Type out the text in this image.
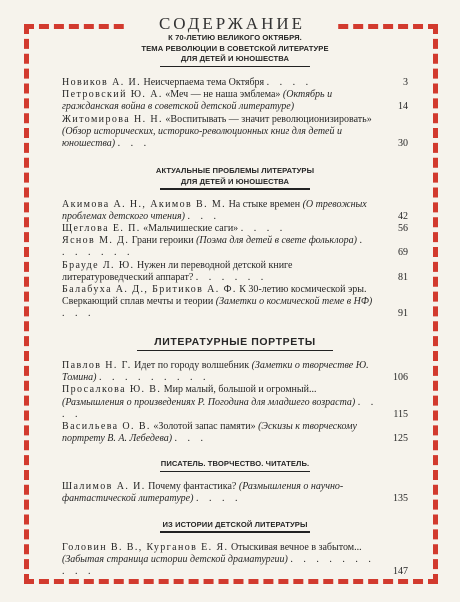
СОДЕРЖАНИЕ

К 70-ЛЕТИЮ ВЕЛИКОГО ОКТЯБРЯ.
ТЕМА РЕВОЛЮЦИИ В СОВЕТСКОЙ ЛИТЕРАТУРЕ
ДЛЯ ДЕТЕЙ И ЮНОШЕСТВА

Новиков А. И. Неисчерпаема тема Октября . . . .	3

Петровский Ю. А. «Меч — не наша эмблема» (Октябрь и гражданская война в советской детской литературе)	14

Житомирова Н. Н. «Воспитывать — значит революционизировать» (Обзор исторических, историко-революционных книг для детей и юношества) . . .	30

АКТУАЛЬНЫЕ ПРОБЛЕМЫ ЛИТЕРАТУРЫ
ДЛЯ ДЕТЕЙ И ЮНОШЕСТВА

Акимова А. Н., Акимов В. М. На стыке времен (О тревожных проблемах детского чтения) . . .	42

Щеглова Е. П. «Мальчишеские саги» . . . .	56

Яснов М. Д. Грани героики (Поэма для детей в свете фольклора) . . . . . . .	69

Брауде Л. Ю. Нужен ли переводной детской книге литературоведческий аппарат? . . . . . .	81

Балабуха А. Д., Бритиков А. Ф. К 30-летию космической эры. Сверкающий сплав мечты и теории (Заметки о космической теме в НФ) . . .	91

ЛИТЕРАТУРНЫЕ ПОРТРЕТЫ

Павлов Н. Г. Идет по городу волшебник (Заметки о творчестве Ю. Томина) . . . . . . . . .	106

Просалкова Ю. В. Мир малый, большой и огромный... (Размышления о произведениях Р. Погодина для младшего возраста) . . . .	115

Васильева О. В. «Золотой запас памяти» (Эскизы к творческому портрету В. А. Лебедева) . . .	125

ПИСАТЕЛЬ. ТВОРЧЕСТВО. ЧИТАТЕЛЬ.

Шалимов А. И. Почему фантастика? (Размышления о научно-фантастической литературе) . . . .	135

ИЗ ИСТОРИИ ДЕТСКОЙ ЛИТЕРАТУРЫ

Головин В. В., Курганов Е. Я. Отыскивая вечное в забытом... (Забытая страница истории детской драматургии) . . . . . . . . . .	147
